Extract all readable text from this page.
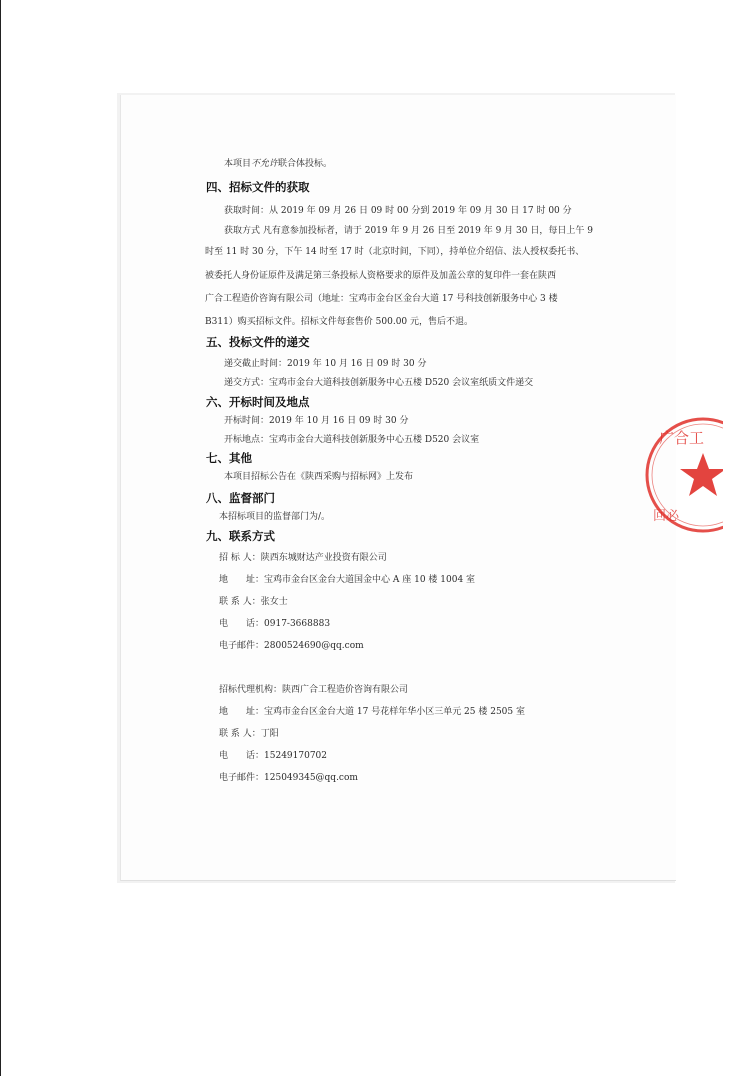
本项目不允许联合体投标。
四、招标文件的获取
获取时间：从 2019 年 09 月 26 日 09 时 00 分到 2019 年 09 月 30 日 17 时 00 分
获取方式 凡有意参加投标者，请于 2019 年 9 月 26 日至 2019 年 9 月 30 日，每日上午 9
时至 11 时 30 分，下午 14 时至 17 时（北京时间，下同），持单位介绍信、法人授权委托书、
被委托人身份证原件及满足第三条投标人资格要求的原件及加盖公章的复印件一套在陕西
广合工程造价咨询有限公司（地址：宝鸡市金台区金台大道 17 号科技创新服务中心 3 楼
B311）购买招标文件。招标文件每套售价 500.00 元，售后不退。
五、投标文件的递交
递交截止时间：2019 年 10 月 16 日 09 时 30 分
递交方式：宝鸡市金台大道科技创新服务中心五楼 D520 会议室纸质文件递交
六、开标时间及地点
开标时间：2019 年 10 月 16 日 09 时 30 分
开标地点：宝鸡市金台大道科技创新服务中心五楼 D520 会议室
七、其他
本项目招标公告在《陕西采购与招标网》上发布
八、监督部门
本招标项目的监督部门为/。
九、联系方式
招 标 人：陕西东城财达产业投资有限公司
地　　址：宝鸡市金台区金台大道国金中心 A 座 10 楼 1004 室
联 系 人：张女士
电　　话：0917-3668883
电子邮件：2800524690@qq.com
招标代理机构：陕西广合工程造价咨询有限公司
地　　址：宝鸡市金台区金台大道 17 号花样年华小区三单元 25 楼 2505 室
联 系 人：丁阳
电　　话：15249170702
电子邮件：125049345@qq.com
广合工
回必
